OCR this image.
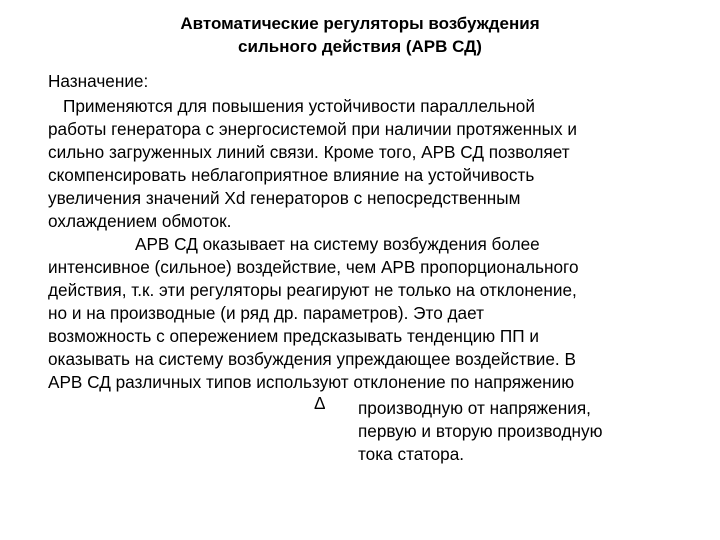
Автоматические регуляторы возбуждения
сильного действия (АРВ СД)
Назначение:
Применяются для повышения устойчивости параллельной
работы генератора с энергосистемой при наличии протяженных и
сильно загруженных линий связи. Кроме того, АРВ СД позволяет
скомпенсировать неблагоприятное влияние на устойчивость
увеличения значений Xd генераторов с непосредственным
охлаждением обмоток.
АРВ СД оказывает на систему возбуждения более
интенсивное (сильное) воздействие, чем АРВ пропорционального
действия, т.к. эти регуляторы реагируют не только на отклонение,
но и на производные (и ряд др. параметров). Это дает
возможность с опережением предсказывать тенденцию ПП и
оказывать на систему возбуждения упреждающее воздействие. В
АРВ СД различных типов используют отклонение по напряжению
Δ производную от напряжения,
первую и вторую производную
тока статора.
